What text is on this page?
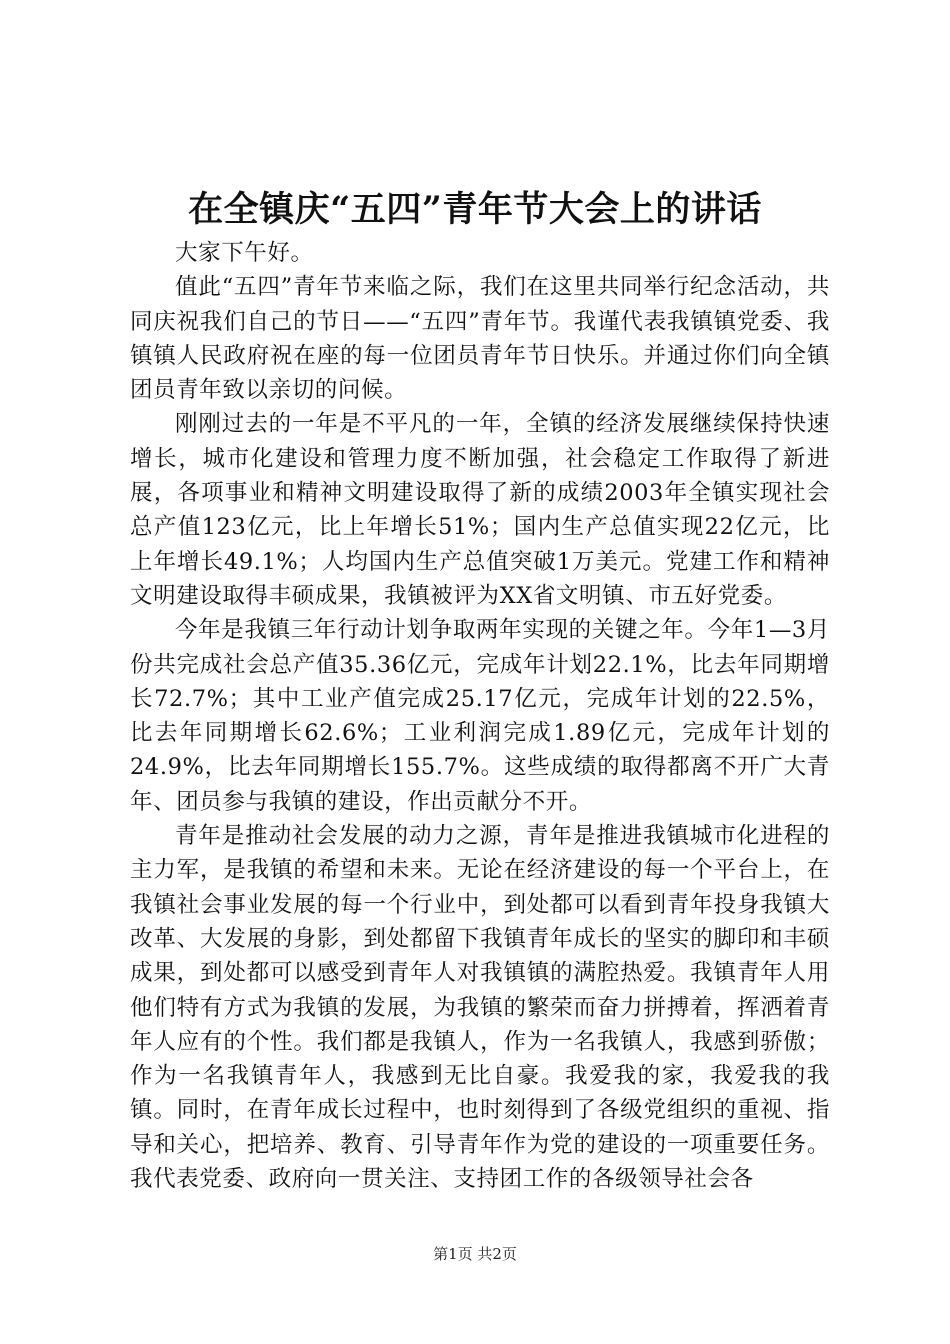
在全镇庆“五四”青年节大会上的讲话

大家下午好。

值此“五四”青年节来临之际，我们在这里共同举行纪念活动，共同庆祝我们自己的节日——“五四”青年节。我谨代表我镇镇党委、我镇镇人民政府祝在座的每一位团员青年节日快乐。并通过你们向全镇团员青年致以亲切的问候。

刚刚过去的一年是不平凡的一年，全镇的经济发展继续保持快速增长，城市化建设和管理力度不断加强，社会稳定工作取得了新进展，各项事业和精神文明建设取得了新的成绩2003年全镇实现社会总产值123亿元，比上年增长51%；国内生产总值实现22亿元，比上年增长49.1%；人均国内生产总值突破1万美元。党建工作和精神文明建设取得丰硕成果，我镇被评为XX省文明镇、市五好党委。

今年是我镇三年行动计划争取两年实现的关键之年。今年1—3月份共完成社会总产值35.36亿元，完成年计划22.1%，比去年同期增长72.7%；其中工业产值完成25.17亿元，完成年计划的22.5%，比去年同期增长62.6%；工业利润完成1.89亿元，完成年计划的24.9%，比去年同期增长155.7%。这些成绩的取得都离不开广大青年、团员参与我镇的建设，作出贡献分不开。

青年是推动社会发展的动力之源，青年是推进我镇城市化进程的主力军，是我镇的希望和未来。无论在经济建设的每一个平台上，在我镇社会事业发展的每一个行业中，到处都可以看到青年投身我镇大改革、大发展的身影，到处都留下我镇青年成长的坚实的脚印和丰硕成果，到处都可以感受到青年人对我镇镇的满腔热爱。我镇青年人用他们特有方式为我镇的发展，为我镇的繁荣而奋力拼搏着，挥洒着青年人应有的个性。我们都是我镇人，作为一名我镇人，我感到骄傲；作为一名我镇青年人，我感到无比自豪。我爱我的家，我爱我的我镇。同时，在青年成长过程中，也时刻得到了各级党组织的重视、指导和关心，把培养、教育、引导青年作为党的建设的一项重要任务。我代表党委、政府向一贯关注、支持团工作的各级领导社会各

第1页 共2页
